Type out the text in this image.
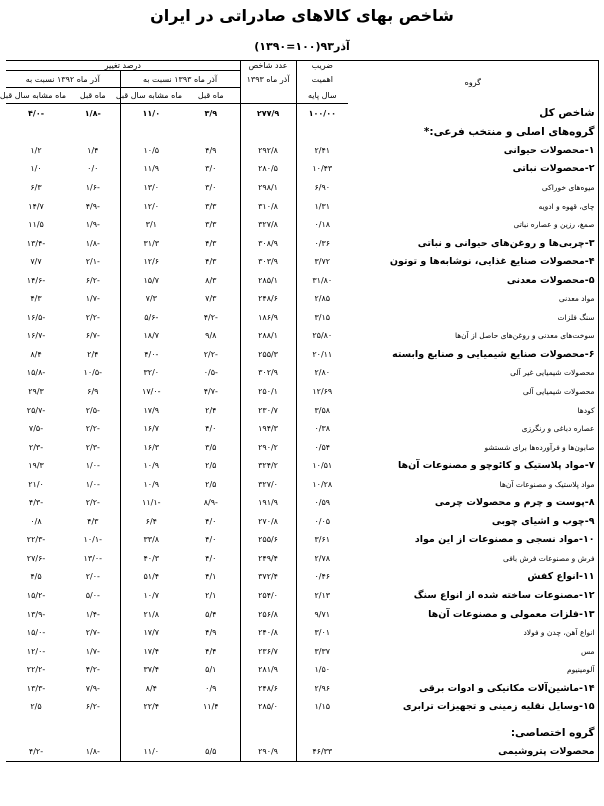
شاخص بهای کالاهای صادراتی در ایران
آذر۹۳(۱۰۰=۱۳۹۰)
گروه	ضریب	عدد شاخص	درصد تغییر			
	اهمیت	آذر ماه ۱۳۹۳	آذر ماه ۱۳۹۳ نسبت به		آذر ماه ۱۳۹۲ نسبت به	
	سال پایه		ماه قبل	ماه مشابه سال قبل	ماه قبل	ماه مشابه سال قبل
شاخص کل	۱۰۰/۰۰	۲۷۷/۹	۳/۹	۱۱/۰	-۱/۸	-۴/۰
گروه‌های اصلی و منتخب فرعی:*						
۱-محصولات حیوانی	۲/۴۱	۲۹۲/۸	۴/۹	۱۰/۵	۱/۴	۱/۲
۲-محصولات نباتی	۱۰/۴۳	۲۸۰/۵	۳/۰	۱۱/۹	۰/۰	۱/۰
میوه‌های خوراکی	۶/۹۰	۲۹۸/۱	۳/۰	۱۳/۰	-۱/۶	۶/۳
چای، قهوه و ادویه	۱/۳۱	۳۱۰/۸	۳/۳	۱۲/۰	-۴/۹	۱۴/۷
صمغ، رزین و عصاره نباتی	۰/۱۸	۳۲۷/۸	۳/۳	۳/۱	-۱/۹	۱۱/۵
۳-چربی‌ها و روغن‌های حیوانی و نباتی	۰/۳۶	۳۰۸/۹	۴/۳	۳۱/۳	-۱/۸	-۱۳/۴
۴-محصولات صنایع غذایی، نوشابه‌ها و توتون	۳/۷۲	۳۰۳/۹	۴/۳	۱۲/۶	-۲/۱	۷/۷
۵-محصولات معدنی	۳۱/۸۰	۲۸۵/۱	۸/۳	۱۵/۷	-۶/۲	-۱۴/۶
مواد معدنی	۲/۸۵	۲۴۸/۶	۷/۳	۷/۳	-۱/۷	۴/۳
سنگ فلزات	۳/۱۵	۱۸۶/۹	-۴/۲	-۵/۶	-۲/۲	-۱۶/۵
سوخت‌های معدنی و روغن‌های حاصل از آن‌ها	۲۵/۸۰	۲۸۸/۱	۹/۸	۱۸/۷	-۶/۷	-۱۶/۷
۶-محصولات صنایع شیمیایی و صنایع وابسته	۲۰/۱۱	۲۵۵/۳	-۲/۲	-۴/۰	۲/۴	۸/۴
محصولات شیمیایی غیر آلی	۲/۸۰	۳۰۲/۹	-۰/۵	۳۲/۰	-۱۰/۵	-۱۵/۸
محصولات شیمیایی آلی	۱۲/۶۹	۲۵۰/۱	-۴/۷	-۱۷/۰	۶/۹	۲۹/۳
کودها	۳/۵۸	۲۳۰/۷	۲/۴	۱۷/۹	-۲/۵	-۲۵/۷
عصاره دباغی و رنگرزی	۰/۳۸	۱۹۴/۳	۴/۰	۱۶/۷	-۲/۲	-۷/۵
صابون‌ها و فرآورده‌ها برای شستشو	۰/۵۴	۲۹۰/۲	۳/۵	۱۶/۳	-۲/۳	-۲/۳
۷-مواد پلاستیک و کائوچو و مصنوعات آن‌ها	۱۰/۵۱	۳۲۴/۲	۲/۵	۱۰/۹	-۱/۰	۱۹/۳
مواد پلاستیک و مصنوعات آن‌ها	۱۰/۲۸	۳۲۷/۰	۲/۵	۱۰/۹	-۱/۰	۲۱/۰
۸-پوست و چرم و محصولات چرمی	۰/۵۹	۱۹۱/۹	-۸/۹	-۱۱/۱	-۲/۲	-۴/۳
۹-چوب و اشیای چوبی	۰/۰۵	۲۷۰/۸	۴/۰	۶/۴	۴/۳	۰/۸
۱۰-مواد نسجی و مصنوعات از این مواد	۳/۶۱	۲۵۵/۶	۴/۰	۳۳/۸	-۱۰/۱	-۲۲/۳
فرش و مصنوعات فرش بافی	۲/۷۸	۲۴۹/۴	۴/۰	۴۰/۳	-۱۳/۰	-۲۷/۶
۱۱-انواع کفش	۰/۴۶	۳۷۲/۴	۴/۱	۵۱/۴	-۲/۰	۴/۵
۱۲-مصنوعات ساخته شده از انواع سنگ	۲/۱۳	۲۵۴/۰	۲/۱	۱۰/۷	-۵/۰	-۱۵/۲
۱۳-فلزات معمولی و مصنوعات آن‌ها	۹/۷۱	۲۵۶/۸	۵/۴	۲۱/۸	-۱/۴	-۱۳/۹
انواع آهن، چدن و فولاد	۳/۰۱	۲۴۰/۸	۴/۹	۱۷/۷	-۲/۷	-۱۵/۰
مس	۳/۳۷	۲۳۶/۷	۴/۴	۱۷/۴	-۱/۷	-۱۲/۰
آلومینیوم	۱/۵۰	۲۸۱/۹	۵/۱	۳۷/۴	-۴/۲	-۲۲/۲
۱۴-ماشین‌آلات مکانیکی و ادوات برقی	۲/۹۶	۲۴۸/۶	۰/۹	۸/۴	-۷/۹	-۱۳/۳
۱۵-وسایل نقلیه زمینی و تجهیزات ترابری	۱/۱۵	۲۸۵/۰	۱۱/۴	۲۲/۴	-۶/۲	۲/۵

گروه اختصاصی:						
محصولات پتروشیمی	۴۶/۳۳	۲۹۰/۹	۵/۵	۱۱/۰	-۱/۸	-۴/۲
